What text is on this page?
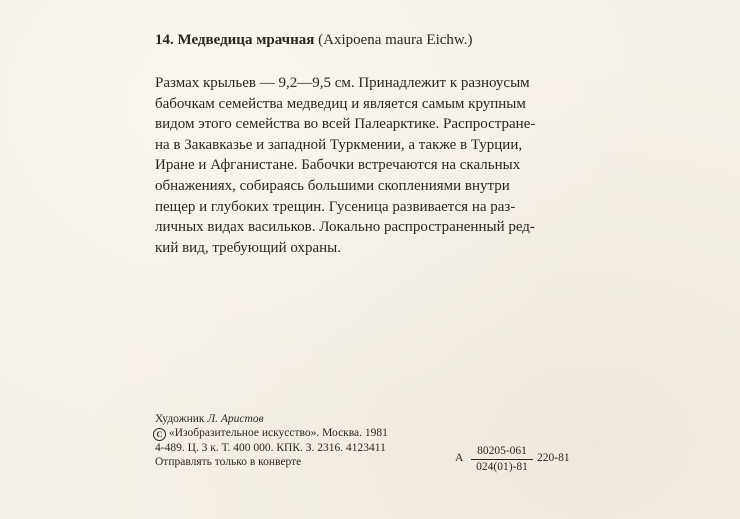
14. Медведица мрачная (Axipoena maura Eichw.)
Размах крыльев — 9,2—9,5 см. Принадлежит к разноусым
бабочкам семейства медведиц и является самым крупным
видом этого семейства во всей Палеарктике. Распростране-
на в Закавказье и западной Туркмении, а также в Турции,
Иране и Афганистане. Бабочки встречаются на скальных
обнажениях, собираясь большими скоплениями внутри
пещер и глубоких трещин. Гусеница развивается на раз-
личных видах васильков. Локально распространенный ред-
кий вид, требующий охраны.
Художник Л. Аристов
C «Изобразительное искусство». Москва. 1981
4-489. Ц. 3 к. Т. 400 000. КПК. З. 2316. 4123411
Отправлять только в конверте	А
80205-061
024(01)-81
220-81
